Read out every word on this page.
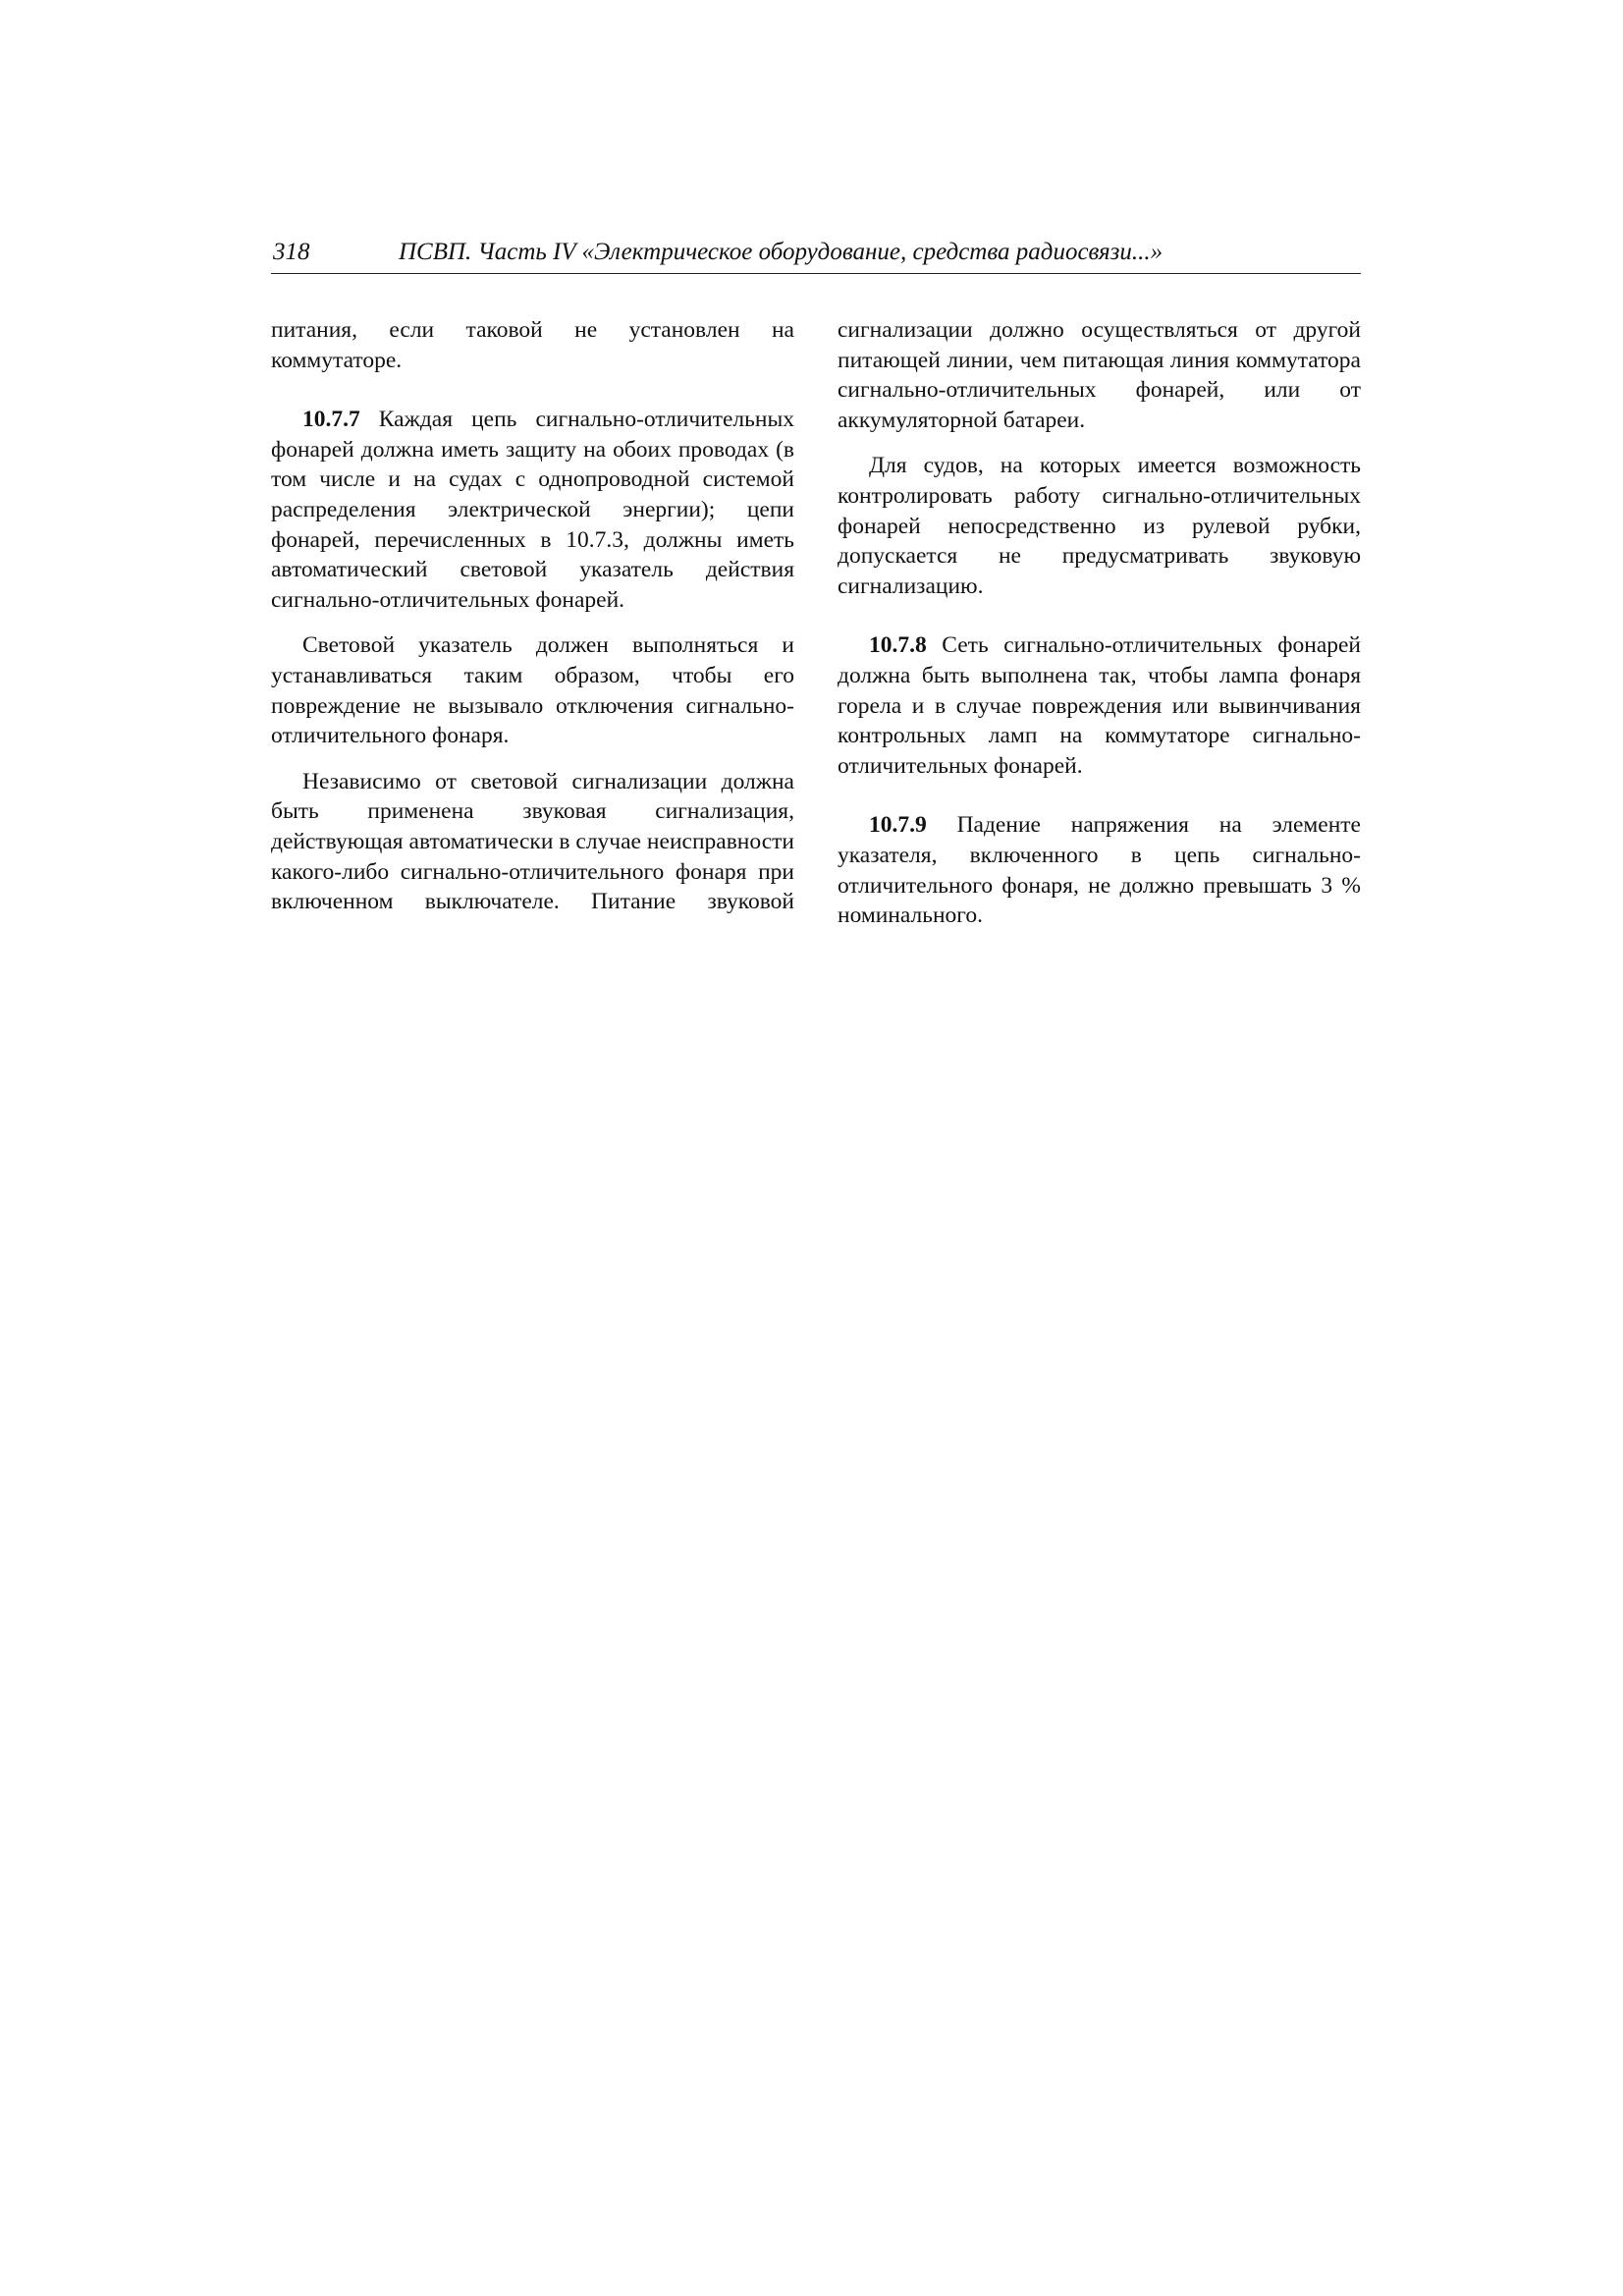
318	ПСВП. Часть IV «Электрическое оборудование, средства радиосвязи...»

питания, если таковой не установлен на коммутаторе.

10.7.7 Каждая цепь сигнально-отличительных фонарей должна иметь защиту на обоих проводах (в том числе и на судах с однопроводной системой распределения электрической энергии); цепи фонарей, перечисленных в 10.7.3, должны иметь автоматический световой указатель действия сигнально-отличительных фонарей.

Световой указатель должен выполняться и устанавливаться таким образом, чтобы его повреждение не вызывало отключения сигнально-отличительного фонаря.

Независимо от световой сигнализации должна быть применена звуковая сигнализация, действующая автоматически в случае неисправности какого-либо сигнально-отличительного фонаря при включенном выключателе. Питание звуковой

сигнализации должно осуществляться от другой питающей линии, чем питающая линия коммутатора сигнально-отличительных фонарей, или от аккумуляторной батареи.

Для судов, на которых имеется возможность контролировать работу сигнально-отличительных фонарей непосредственно из рулевой рубки, допускается не предусматривать звуковую сигнализацию.

10.7.8 Сеть сигнально-отличительных фонарей должна быть выполнена так, чтобы лампа фонаря горела и в случае повреждения или вывинчивания контрольных ламп на коммутаторе сигнально-отличительных фонарей.

10.7.9 Падение напряжения на элементе указателя, включенного в цепь сигнально-отличительного фонаря, не должно превышать 3 % номинального.
